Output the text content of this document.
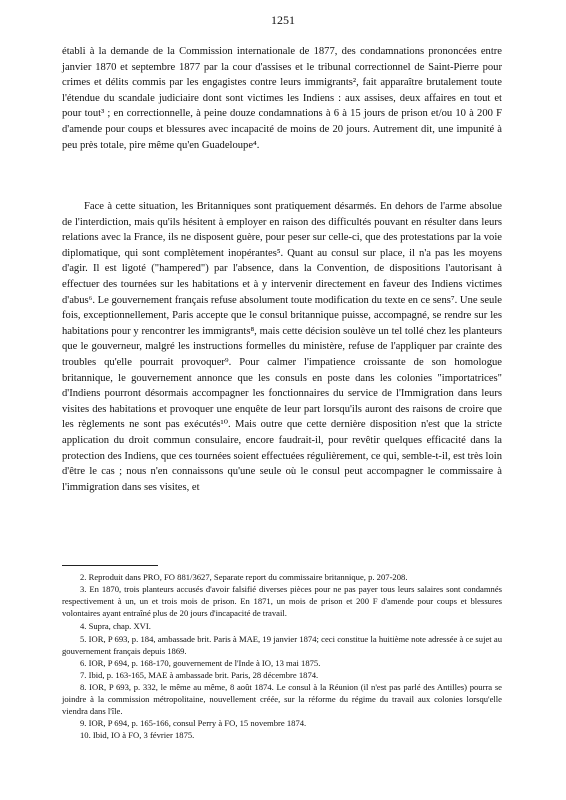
1251

établi à la demande de la Commission internationale de 1877, des condamnations prononcées entre janvier 1870 et septembre 1877 par la cour d'assises et le tribunal correctionnel de Saint-Pierre pour crimes et délits commis par les engagistes contre leurs immigrants², fait apparaître brutalement toute l'étendue du scandale judiciaire dont sont victimes les Indiens : aux assises, deux affaires en tout et pour tout³ ; en correctionnelle, à peine douze condamnations à 6 à 15 jours de prison et/ou 10 à 200 F d'amende pour coups et blessures avec incapacité de moins de 20 jours. Autrement dit, une impunité à peu près totale, pire même qu'en Guadeloupe⁴.

Face à cette situation, les Britanniques sont pratiquement désarmés. En dehors de l'arme absolue de l'interdiction, mais qu'ils hésitent à employer en raison des difficultés pouvant en résulter dans leurs relations avec la France, ils ne disposent guère, pour peser sur celle-ci, que des protestations par la voie diplomatique, qui sont complètement inopérantes⁵. Quant au consul sur place, il n'a pas les moyens d'agir. Il est ligoté ("hampered") par l'absence, dans la Convention, de dispositions l'autorisant à effectuer des tournées sur les habitations et à y intervenir directement en faveur des Indiens victimes d'abus⁶. Le gouvernement français refuse absolument toute modification du texte en ce sens⁷. Une seule fois, exceptionnellement, Paris accepte que le consul britannique puisse, accompagné, se rendre sur les habitations pour y rencontrer les immigrants⁸, mais cette décision soulève un tel tollé chez les planteurs que le gouverneur, malgré les instructions formelles du ministère, refuse de l'appliquer par crainte des troubles qu'elle pourrait provoquer⁹. Pour calmer l'impatience croissante de son homologue britannique, le gouvernement annonce que les consuls en poste dans les colonies "importatrices" d'Indiens pourront désormais accompagner les fonctionnaires du service de l'Immigration dans leurs visites des habitations et provoquer une enquête de leur part lorsqu'ils auront des raisons de croire que les règlements ne sont pas exécutés¹⁰. Mais outre que cette dernière disposition n'est que la stricte application du droit commun consulaire, encore faudrait-il, pour revêtir quelques efficacité dans la protection des Indiens, que ces tournées soient effectuées régulièrement, ce qui, semble-t-il, est très loin d'être le cas ; nous n'en connaissons qu'une seule où le consul peut accompagner le commissaire à l'immigration dans ses visites, et

2. Reproduit dans PRO, FO 881/3627, Separate report du commissaire britannique, p. 207-208.

3. En 1870, trois planteurs accusés d'avoir falsifié diverses pièces pour ne pas payer tous leurs salaires sont condamnés respectivement à un, un et trois mois de prison. En 1871, un mois de prison et 200 F d'amende pour coups et blessures volontaires ayant entraîné plus de 20 jours d'incapacité de travail.

4. Supra, chap. XVI.

5. IOR, P 693, p. 184, ambassade brit. Paris à MAE, 19 janvier 1874; ceci constitue la huitième note adressée à ce sujet au gouvernement français depuis 1869.

6. IOR, P 694, p. 168-170, gouvernement de l'Inde à IO, 13 mai 1875.

7. Ibid, p. 163-165, MAE à ambassade brit. Paris, 28 décembre 1874.

8. IOR, P 693, p. 332, le même au même, 8 août 1874. Le consul à la Réunion (il n'est pas parlé des Antilles) pourra se joindre à la commission métropolitaine, nouvellement créée, sur la réforme du régime du travail aux colonies lorsqu'elle viendra dans l'île.

9. IOR, P 694, p. 165-166, consul Perry à FO, 15 novembre 1874.

10. Ibid, IO à FO, 3 février 1875.
